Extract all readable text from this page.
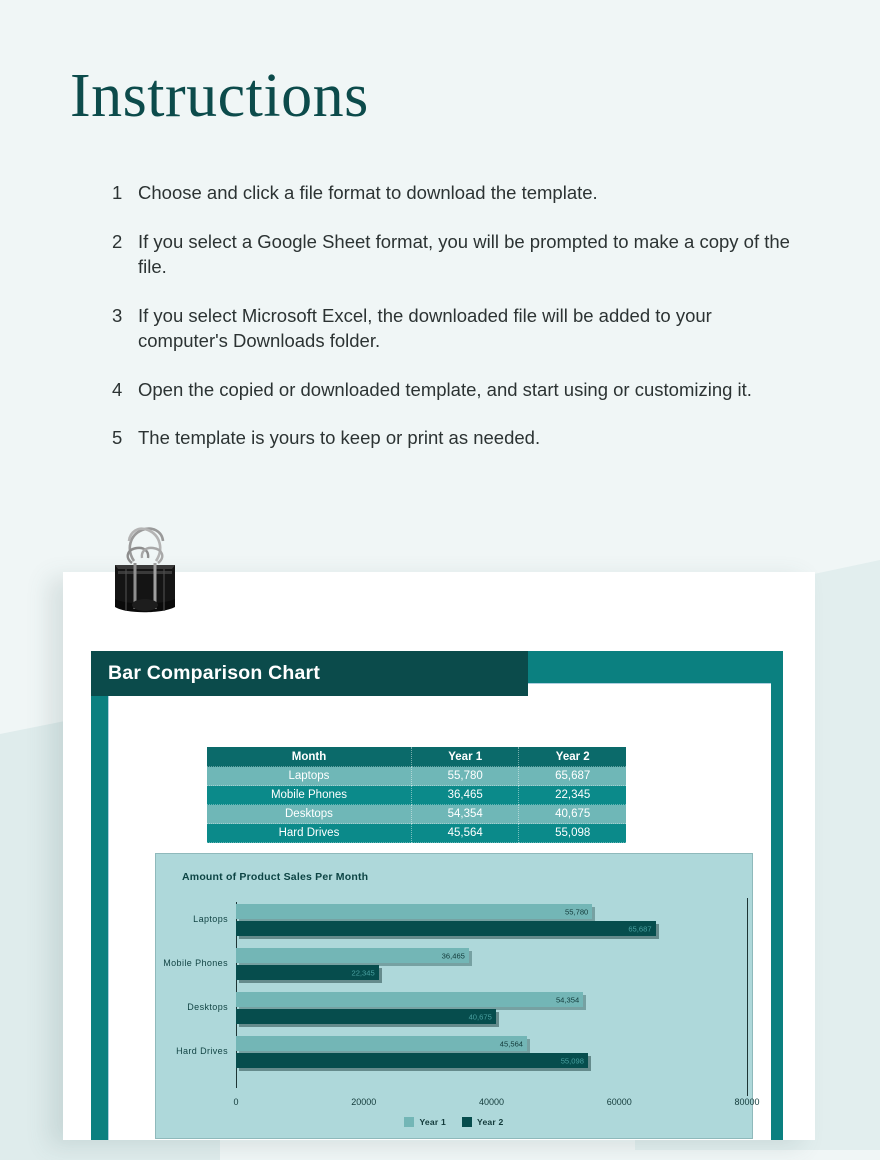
Instructions
1 Choose and click a file format to download the template.
2 If you select a Google Sheet format, you will be prompted to make a copy of the file.
3 If you select Microsoft Excel, the downloaded file will be added to your computer's Downloads folder.
4 Open the copied or downloaded template, and start using or customizing it.
5 The template is yours to keep or print as needed.
Bar Comparison Chart
Month	Year 1	Year 2
Laptops	55,780	65,687
Mobile Phones	36,465	22,345
Desktops	54,354	40,675
Hard Drives	45,564	55,098
Amount of Product Sales Per Month
Laptops
55,780
65,687
Mobile Phones
36,465
22,345
Desktops
54,354
40,675
Hard Drives
45,564
55,098
0	20000	40000	60000	80000
Year 1	Year 2
